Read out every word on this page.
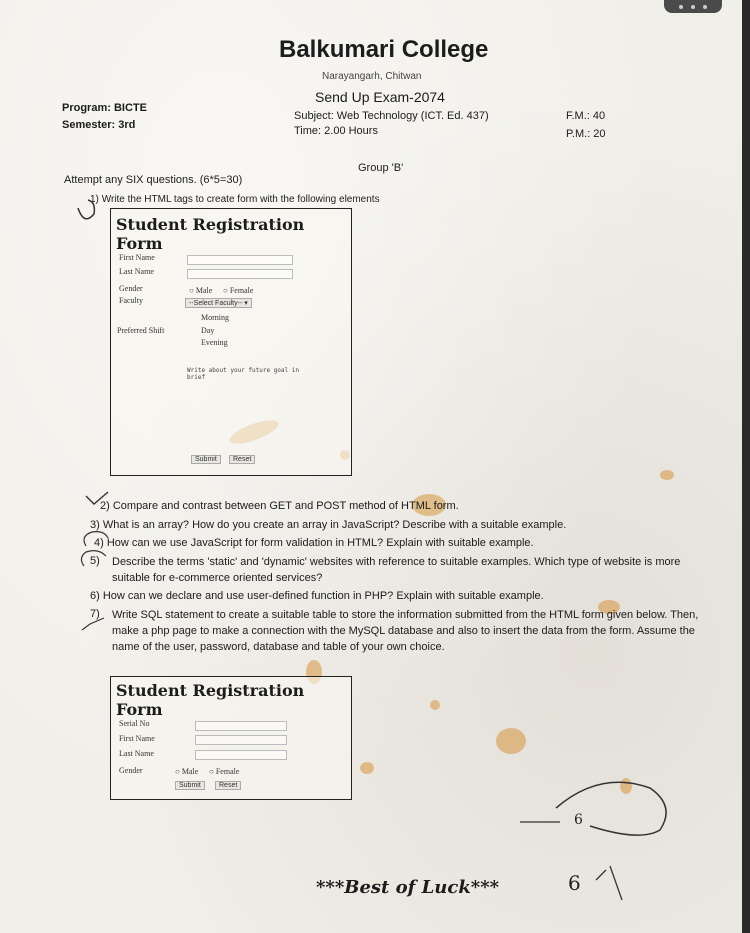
Balkumari College
Narayangarh, Chitwan
Send Up Exam-2074
Subject: Web Technology (ICT. Ed. 437)
Time: 2.00 Hours
Program: BICTE
Semester: 3rd
F.M.: 40
P.M.: 20
Group 'B'
Attempt any SIX questions. (6*5=30)
1) Write the HTML tags to create form with the following elements
Student Registration Form
First Name
Last Name
Gender	○ Male ○ Female
Faculty	--Select Faculty-- ▾
Preferred Shift
Morning
Day
Evening
Write about your future goal in brief
Submit	Reset
2) Compare and contrast between GET and POST method of HTML form.
3) What is an array? How do you create an array in JavaScript? Describe with a suitable example.
4) How can we use JavaScript for form validation in HTML? Explain with suitable example.
5) Describe the terms 'static' and 'dynamic' websites with reference to suitable examples. Which type of website is more suitable for e-commerce oriented services?
6) How can we declare and use user-defined function in PHP? Explain with suitable example.
7) Write SQL statement to create a suitable table to store the information submitted from the HTML form given below. Then, make a php page to make a connection with the MySQL database and also to insert the data from the form. Assume the name of the user, password, database and table of your own choice.
Student Registration Form
Serial No
First Name
Last Name
Gender	○ Male ○ Female
Submit	Reset
6
6
***Best of Luck***
